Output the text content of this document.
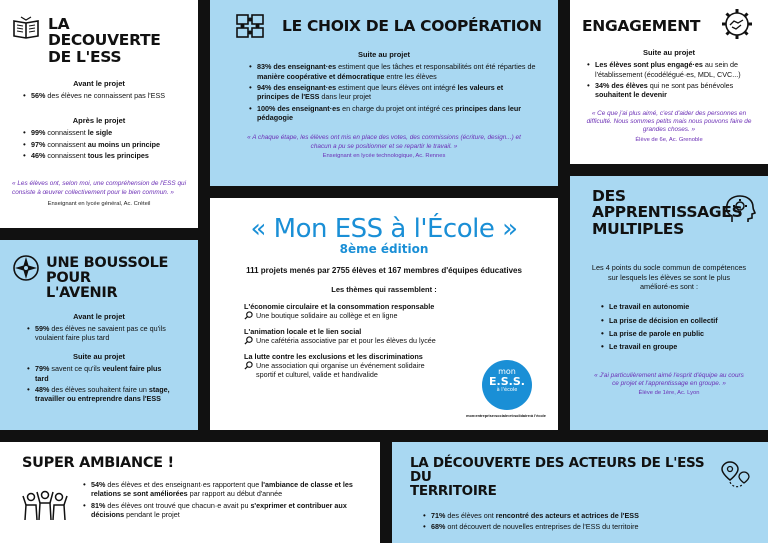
LA DECOUVERTE
DE L'ESS
Avant le projet
• 56% des élèves ne connaissent pas l'ESS
Après le projet
• 99% connaissent le sigle
• 97% connaissent au moins un principe
• 46% connaissent tous les principes
« Les élèves ont, selon moi, une compréhension de l'ESS qui consiste à œuvrer collectivement pour le bien commun. »
Enseignant en lycée général, Ac. Créteil
LE CHOIX DE LA COOPÉRATION
Suite au projet
• 83% des enseignant·es estiment que les tâches et responsabilités ont été réparties de manière coopérative et démocratique entre les élèves
• 94% des enseignant·es estiment que leurs élèves ont intégré les valeurs et principes de l'ESS dans leur projet
• 100% des enseignant·es en charge du projet ont intégré ces principes dans leur pédagogie
« A chaque étape, les élèves ont mis en place des votes, des commissions (écriture, design...) et chacun a pu se positionner et se repartir le travail. »
Enseignant en lycée technologique, Ac. Rennes
ENGAGEMENT
Suite au projet
• Les élèves sont plus engagé·es au sein de l'établissement (écodélégué·es, MDL, CVC...)
• 34% des élèves qui ne sont pas bénévoles souhaitent le devenir
« Ce que j'ai plus aimé, c'est d'aider des personnes en difficulté. Nous sommes petits mais nous pouvons faire de grandes choses. »
Élève de 6e, Ac. Grenoble
DES
APPRENTISSAGES
MULTIPLES
Les 4 points du socle commun de compétences sur lesquels les élèves se sont le plus amélioré·es sont :
• Le travail en autonomie
• La prise de décision en collectif
• La prise de parole en public
• Le travail en groupe
« J'ai particulièrement aimé l'esprit d'équipe au cours ce projet et l'apprentissage en groupe. »
Élève de 1ère, Ac. Lyon
« Mon ESS à l'École »
8ème édition
111 projets menés par 2755 élèves et 167 membres d'équipes éducatives
Les thèmes qui rassemblent :
L'économie circulaire et la consommation responsable
Une boutique solidaire au collège et en ligne
L'animation locale et le lien social
Une cafétéria associative par et pour les élèves du lycée
La lutte contre les exclusions et les discriminations
Une association qui organise un événement solidaire sportif et culturel, valide et handivalide	mon
E.S.S.
à l'école
mon•entreprise•sociale•et•solidaire•à l'école
UNE BOUSSOLE POUR
L'AVENIR
Avant le projet
• 59% des élèves ne savaient pas ce qu'ils voulaient faire plus tard
Suite au projet
• 79% savent ce qu'ils veulent faire plus tard
• 48% des élèves souhaitent faire un stage, travailler ou entreprendre dans l'ESS
SUPER AMBIANCE !
• 54% des élèves et des enseignant·es rapportent que l'ambiance de classe et les relations se sont améliorées par rapport au début d'année
• 81% des élèves ont trouvé que chacun·e avait pu s'exprimer et contribuer aux décisions pendant le projet
LA DÉCOUVERTE DES ACTEURS DE L'ESS DU
TERRITOIRE
• 71% des élèves ont rencontré des acteurs et actrices de l'ESS
• 68% ont découvert de nouvelles entreprises de l'ESS du territoire
